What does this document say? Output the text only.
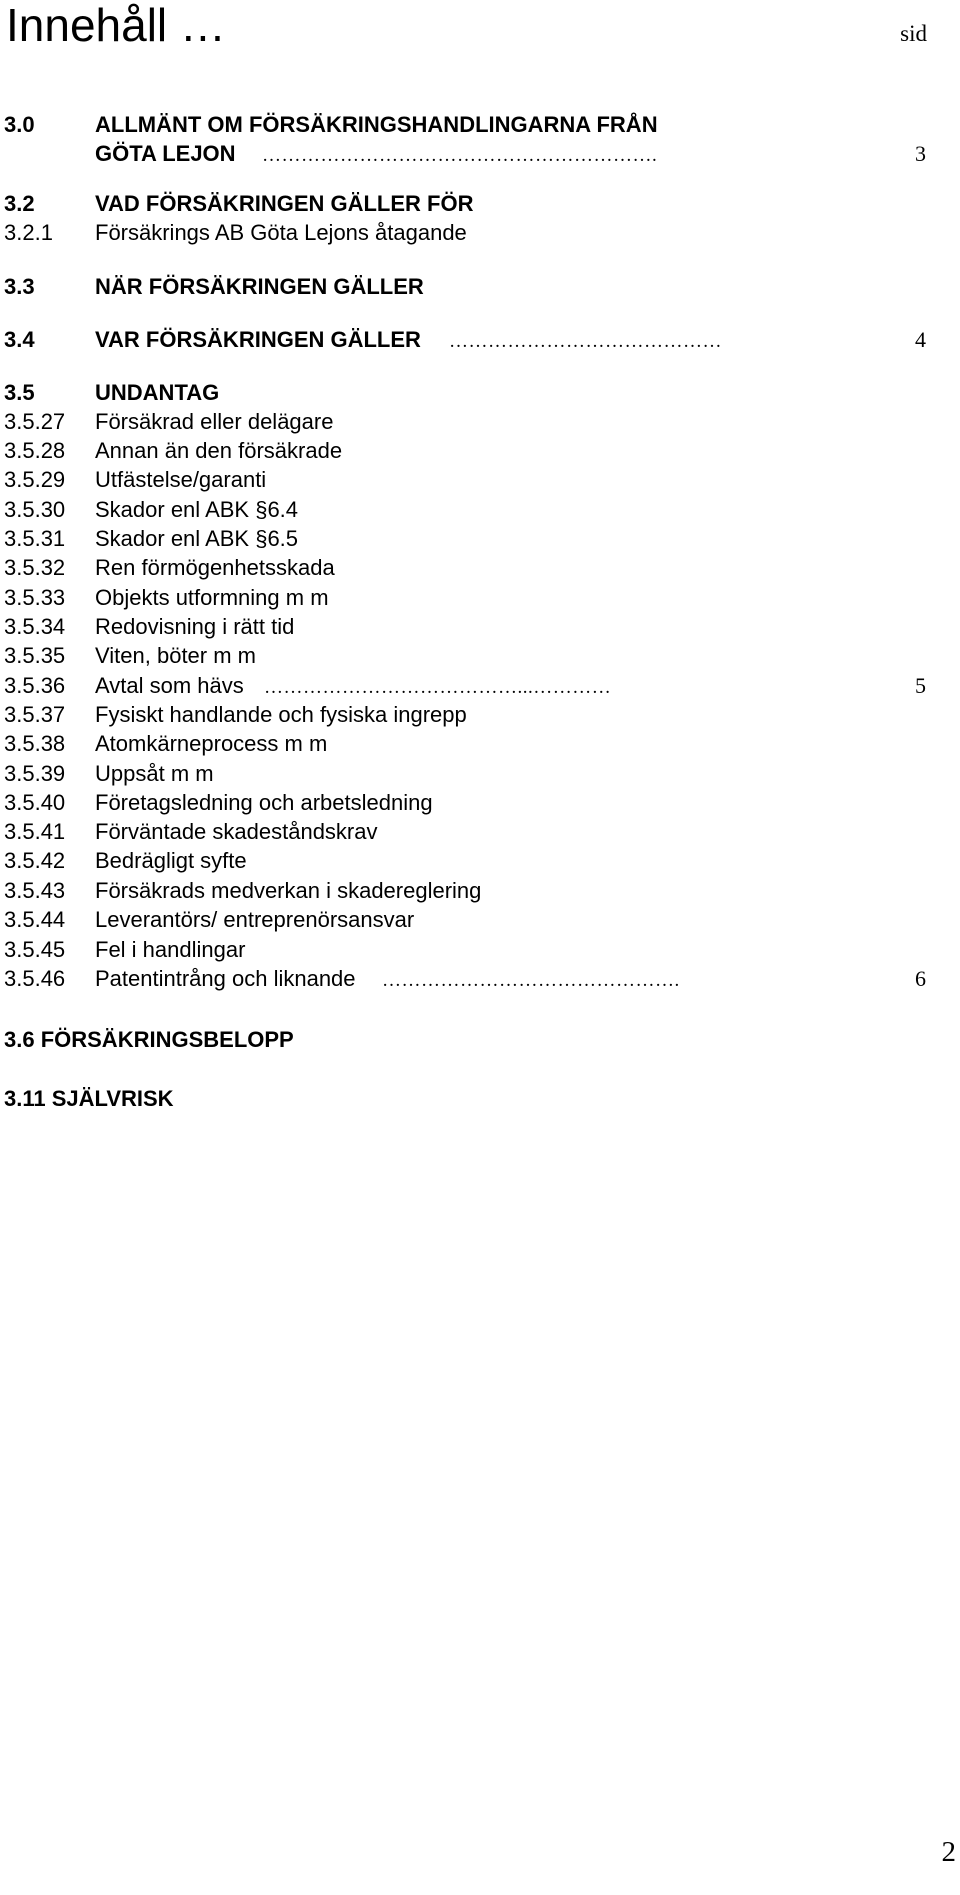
Innehåll …	sid
3.0	ALLMÄNT OM FÖRSÄKRINGSHANDLINGARNA FRÅN
GÖTA LEJON …………………………………………………….	3
3.2	VAD FÖRSÄKRINGEN GÄLLER FÖR
3.2.1 Försäkrings AB Göta Lejons åtagande
3.3	NÄR FÖRSÄKRINGEN GÄLLER
3.4	VAR FÖRSÄKRINGEN GÄLLER ……………………………………	4
3.5	UNDANTAG
3.5.27 Försäkrad eller delägare
3.5.28 Annan än den försäkrade
3.5.29 Utfästelse/garanti
3.5.30 Skador enl ABK §6.4
3.5.31 Skador enl ABK §6.5
3.5.32 Ren förmögenhetsskada
3.5.33 Objekts utformning m m
3.5.34 Redovisning i rätt tid
3.5.35 Viten, böter m m
3.5.36 Avtal som hävs …………………………………...…………	5
3.5.37 Fysiskt handlande och fysiska ingrepp
3.5.38 Atomkärneprocess m m
3.5.39 Uppsåt m m
3.5.40 Företagsledning och arbetsledning
3.5.41 Förväntade skadeståndskrav
3.5.42 Bedrägligt syfte
3.5.43 Försäkrads medverkan i skadereglering
3.5.44 Leverantörs/ entreprenörsansvar
3.5.45 Fel i handlingar
3.5.46 Patentintrång och liknande ……………………………………….	6
3.6 FÖRSÄKRINGSBELOPP
3.11 SJÄLVRISK
2
